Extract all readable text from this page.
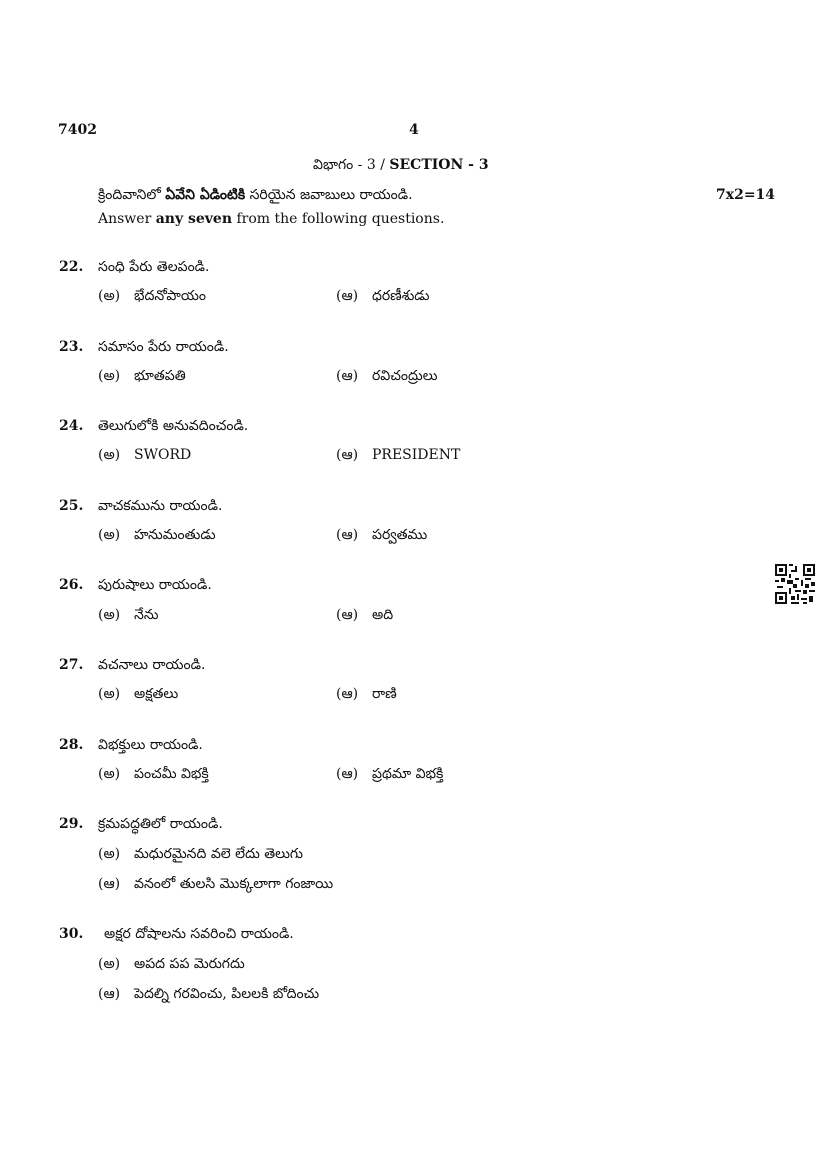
7402	4
విభాగం - 3 / SECTION - 3
క్రిందివానిలో ఏవేని ఏడింటికి సరియైన జవాబులు రాయండి.	7x2=14
Answer any seven from the following questions.
22. సంధి పేరు తెలపండి.
(అ) భేదనోపాయం	(ఆ) ధరణీశుడు
23. సమాసం పేరు రాయండి.
(అ) భూతపతి	(ఆ) రవిచంద్రులు
24. తెలుగులోకి అనువదించండి.
(అ) SWORD	(ఆ) PRESIDENT
25. వాచకమును రాయండి.
(అ) హనుమంతుడు	(ఆ) పర్వతము
26. పురుషాలు రాయండి.
(అ) నేను	(ఆ) అది
27. వచనాలు రాయండి.
(అ) అక్షతలు	(ఆ) రాణి
28. విభక్తులు రాయండి.
(అ) పంచమీ విభక్తి	(ఆ) ప్రథమా విభక్తి
29. క్రమపద్ధతిలో రాయండి.
(అ) మధురమైనది వలె లేదు తెలుగు
(ఆ) వనంలో తులసి మొక్కలాగా గంజాయి
30. అక్షర దోషాలను సవరించి రాయండి.
(అ) అపద పప మెరుగదు
(ఆ) పెదల్ని గరవించు, పిలలకి బోదించు
